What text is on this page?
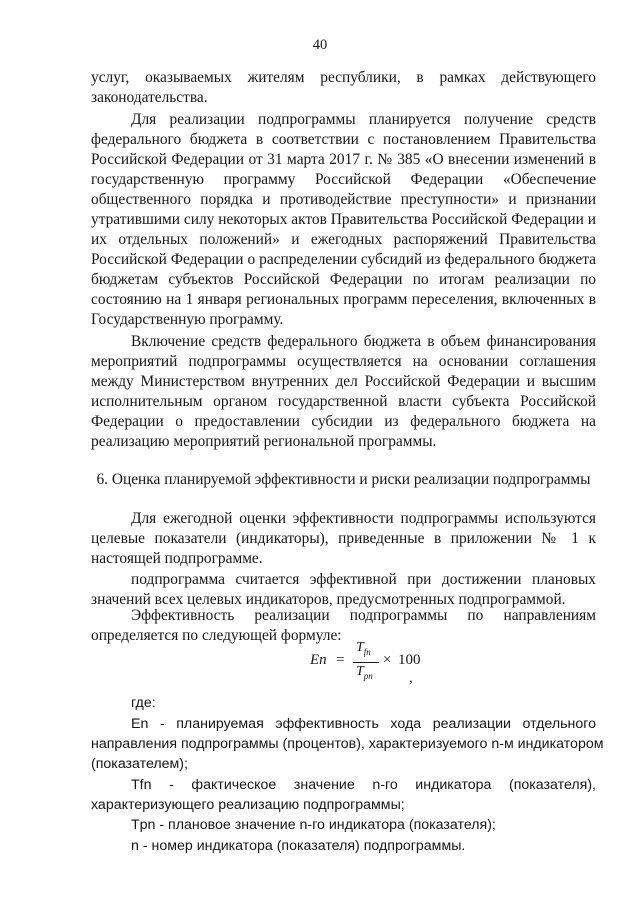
40
услуг, оказываемых жителям республики, в рамках действующего
законодательства.
Для реализации подпрограммы планируется получение средств
федерального бюджета в соответствии с постановлением Правительства
Российской Федерации от 31 марта 2017 г. № 385 «О внесении изменений в
государственную программу Российской Федерации «Обеспечение
общественного порядка и противодействие преступности» и признании
утратившими силу некоторых актов Правительства Российской Федерации и
их отдельных положений» и ежегодных распоряжений Правительства
Российской Федерации о распределении субсидий из федерального бюджета
бюджетам субъектов Российской Федерации по итогам реализации по
состоянию на 1 января региональных программ переселения, включенных в
Государственную программу.
Включение средств федерального бюджета в объем финансирования
мероприятий подпрограммы осуществляется на основании соглашения
между Министерством внутренних дел Российской Федерации и высшим
исполнительным органом государственной власти субъекта Российской
Федерации о предоставлении субсидии из федерального бюджета на
реализацию мероприятий региональной программы.
6. Оценка планируемой эффективности и риски реализации подпрограммы
Для ежегодной оценки эффективности подпрограммы используются
целевые показатели (индикаторы), приведенные в приложении № 1 к
настоящей подпрограмме.
подпрограмма считается эффективной при достижении плановых
значений всех целевых индикаторов, предусмотренных подпрограммой.
Эффективность реализации подпрограммы по направлениям
определяется по следующей формуле:
En =
$T_{fn}$
$T_{pn}$
× 100
,
где:
En - планируемая эффективность хода реализации отдельного
направления подпрограммы (процентов), характеризуемого n-м индикатором
(показателем);
Tfn - фактическое значение n-го индикатора (показателя),
характеризующего реализацию подпрограммы;
Tpn - плановое значение n-го индикатора (показателя);
n - номер индикатора (показателя) подпрограммы.
